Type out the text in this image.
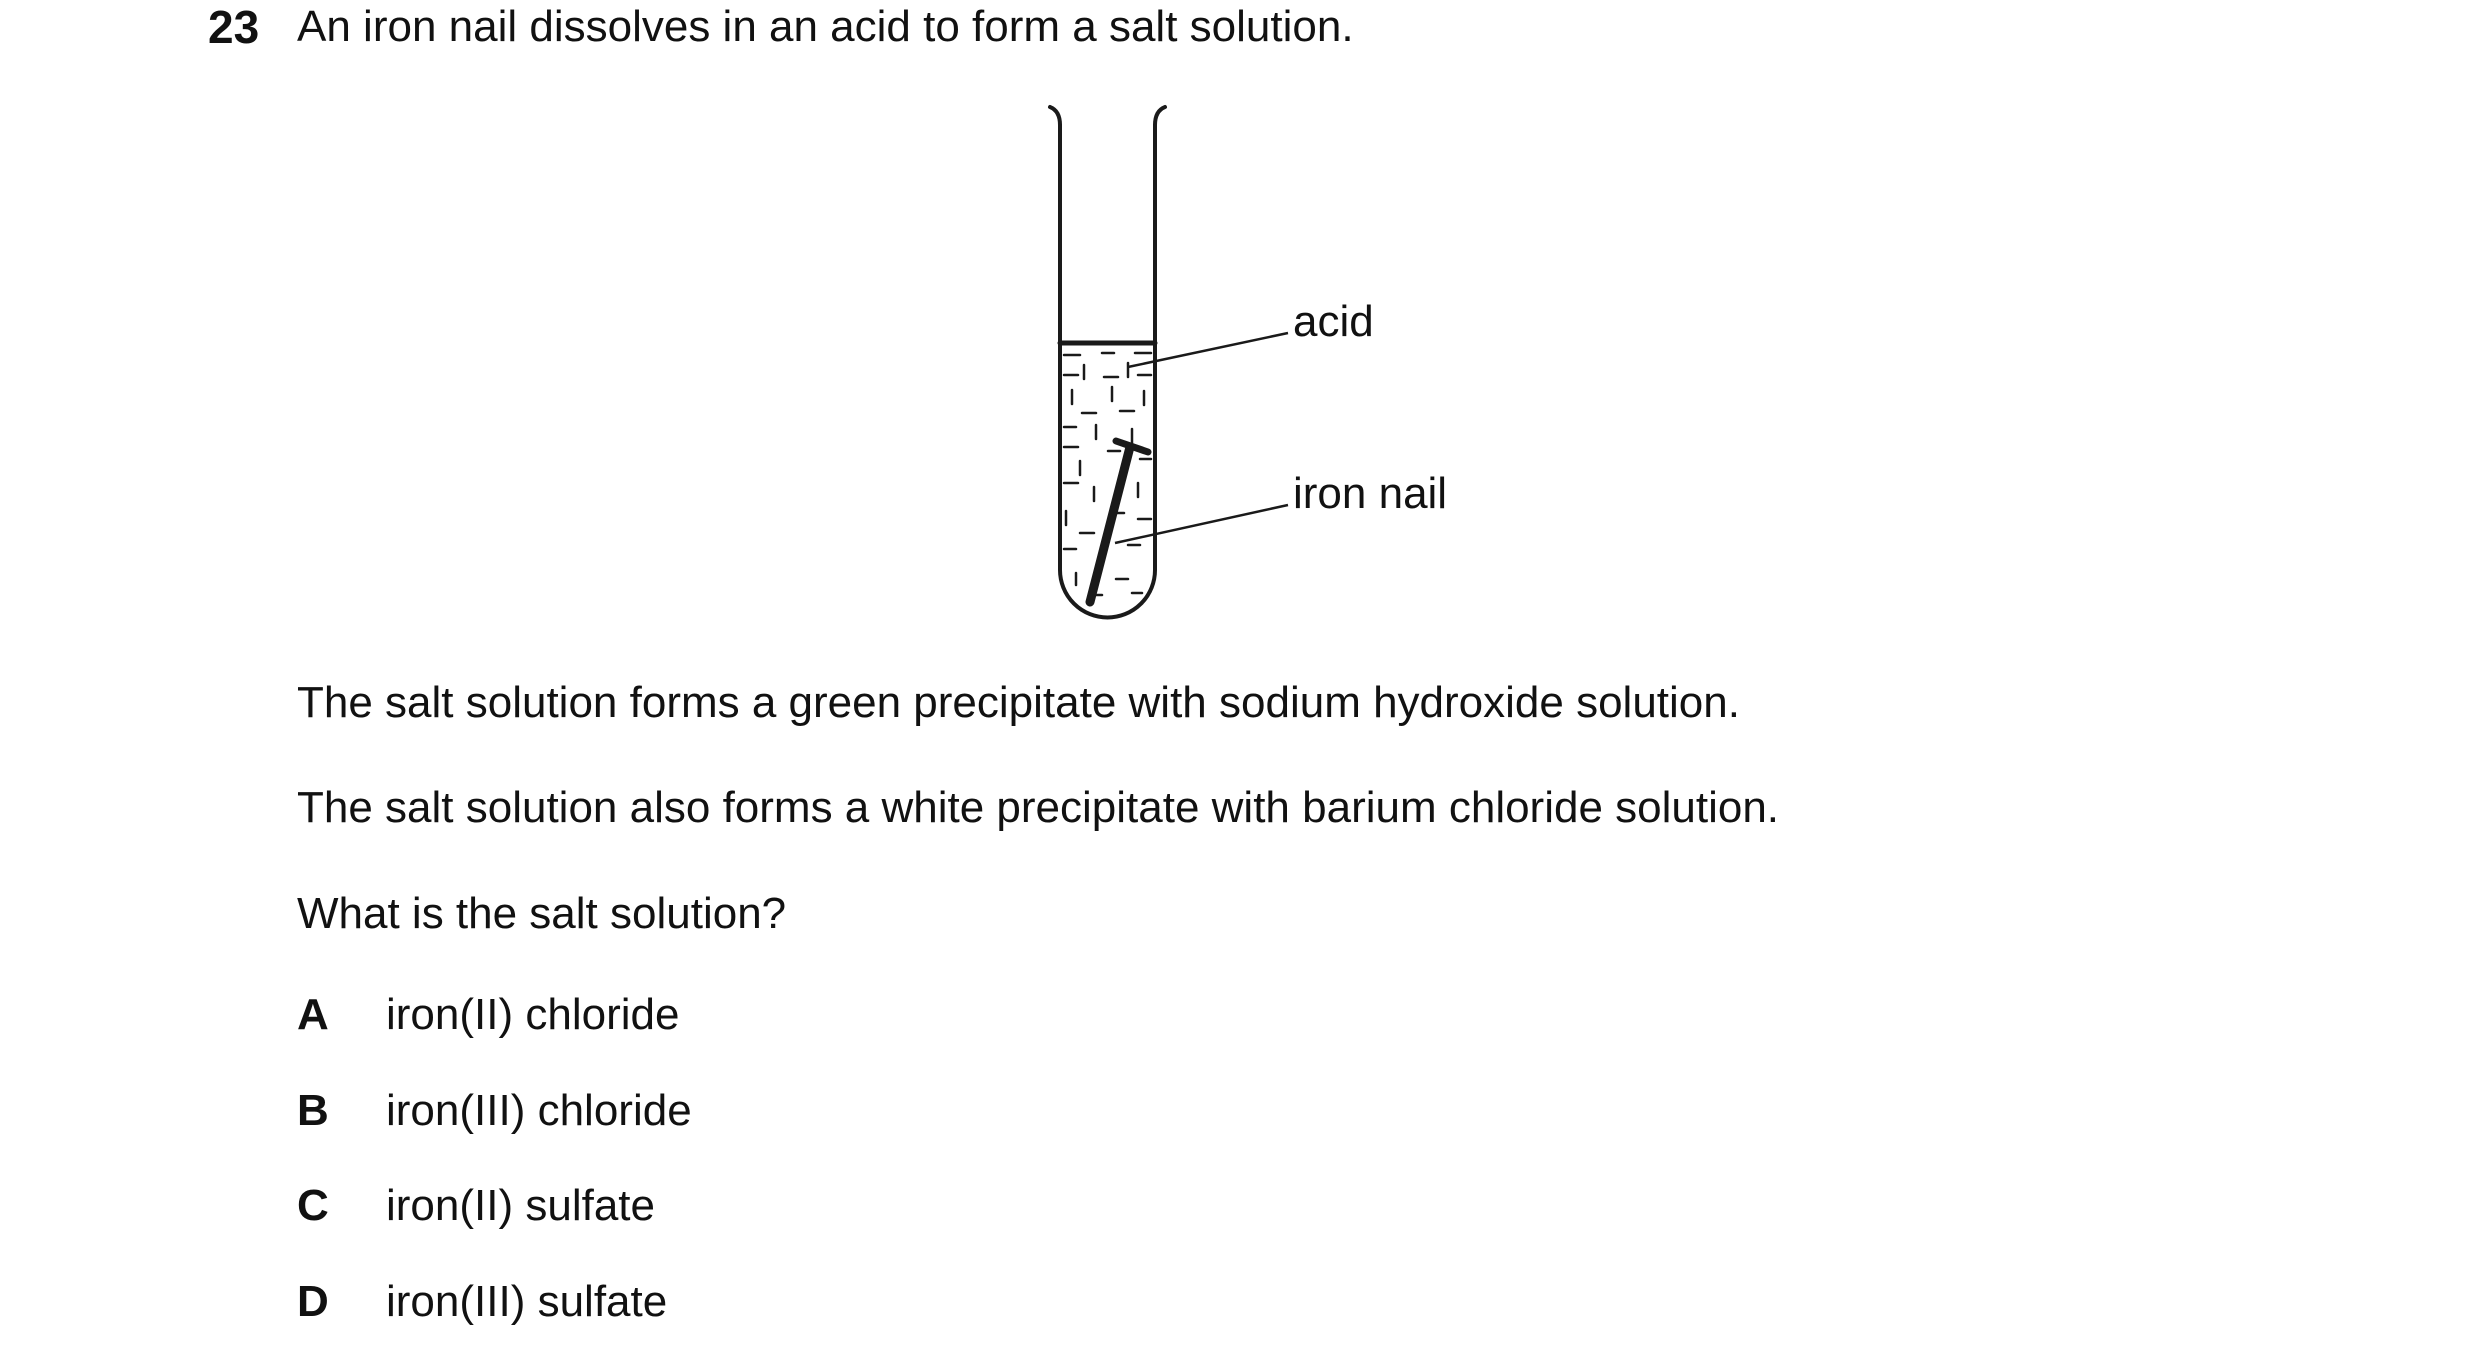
23 An iron nail dissolves in an acid to form a salt solution.
acid
iron nail
The salt solution forms a green precipitate with sodium hydroxide solution.
The salt solution also forms a white precipitate with barium chloride solution.
What is the salt solution?
A iron(II) chloride
B iron(III) chloride
C iron(II) sulfate
D iron(III) sulfate
